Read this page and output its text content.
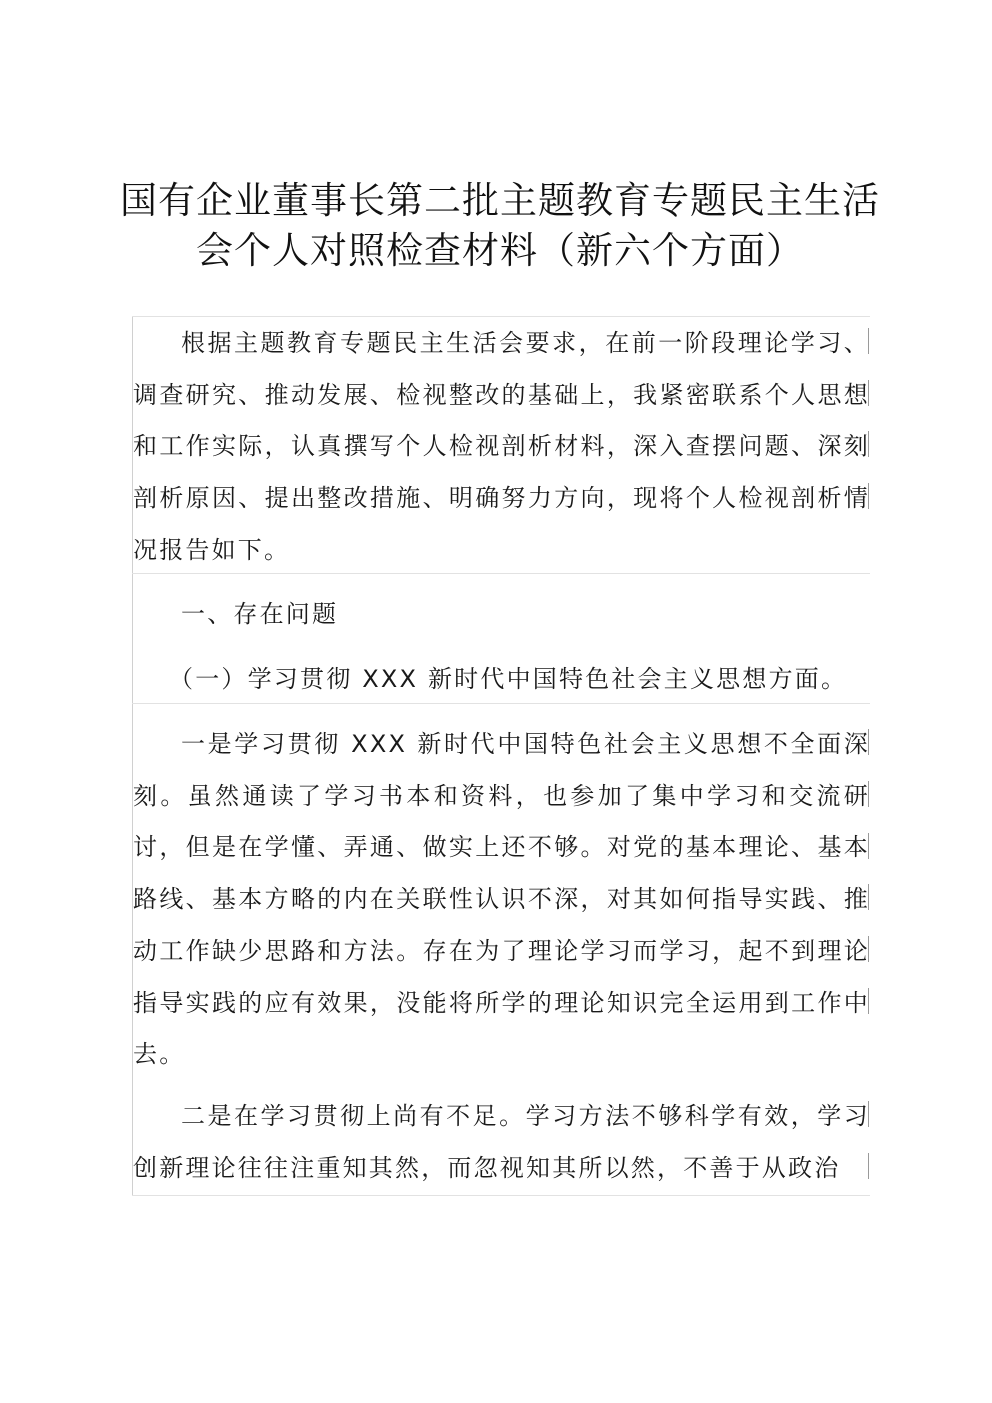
国有企业董事长第二批主题教育专题民主生活
会个人对照检查材料（新六个方面）

根据主题教育专题民主生活会要求，在前一阶段理论学习、调查研究、推动发展、检视整改的基础上，我紧密联系个人思想和工作实际，认真撰写个人检视剖析材料，深入查摆问题、深刻剖析原因、提出整改措施、明确努力方向，现将个人检视剖析情况报告如下。

一、存在问题

（一）学习贯彻 XXX 新时代中国特色社会主义思想方面。

一是学习贯彻 XXX 新时代中国特色社会主义思想不全面深刻。虽然通读了学习书本和资料，也参加了集中学习和交流研讨，但是在学懂、弄通、做实上还不够。对党的基本理论、基本路线、基本方略的内在关联性认识不深，对其如何指导实践、推动工作缺少思路和方法。存在为了理论学习而学习，起不到理论指导实践的应有效果，没能将所学的理论知识完全运用到工作中去。

二是在学习贯彻上尚有不足。学习方法不够科学有效，学习创新理论往往注重知其然，而忽视知其所以然，不善于从政治
